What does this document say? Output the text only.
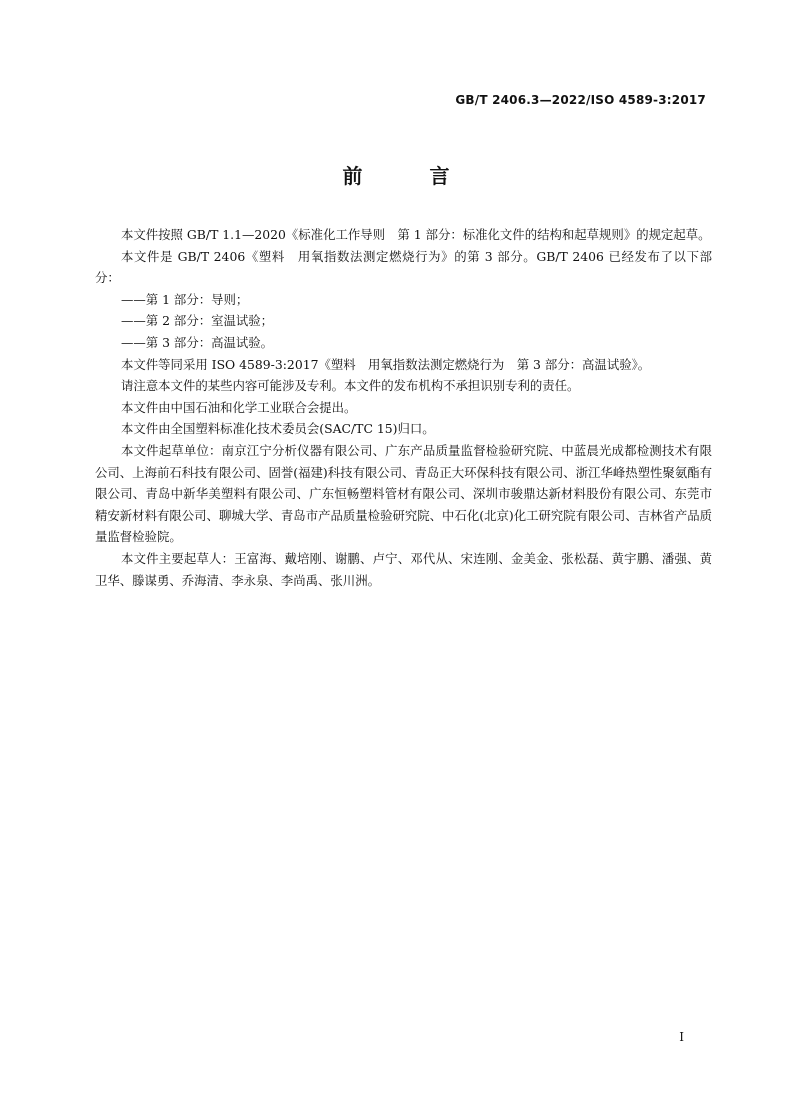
GB/T 2406.3—2022/ISO 4589-3:2017
前 言

本文件按照 GB/T 1.1—2020《标准化工作导则　第 1 部分：标准化文件的结构和起草规则》的规定起草。

本文件是 GB/T 2406《塑料　用氧指数法测定燃烧行为》的第 3 部分。GB/T 2406 已经发布了以下部分：

——第 1 部分：导则；

——第 2 部分：室温试验；

——第 3 部分：高温试验。

本文件等同采用 ISO 4589-3:2017《塑料　用氧指数法测定燃烧行为　第 3 部分：高温试验》。

请注意本文件的某些内容可能涉及专利。本文件的发布机构不承担识别专利的责任。

本文件由中国石油和化学工业联合会提出。

本文件由全国塑料标准化技术委员会(SAC/TC 15)归口。

本文件起草单位：南京江宁分析仪器有限公司、广东产品质量监督检验研究院、中蓝晨光成都检测技术有限公司、上海前石科技有限公司、固誉(福建)科技有限公司、青岛正大环保科技有限公司、浙江华峰热塑性聚氨酯有限公司、青岛中新华美塑料有限公司、广东恒畅塑料管材有限公司、深圳市骏鼎达新材料股份有限公司、东莞市精安新材料有限公司、聊城大学、青岛市产品质量检验研究院、中石化(北京)化工研究院有限公司、吉林省产品质量监督检验院。

本文件主要起草人：王富海、戴培刚、谢鹏、卢宁、邓代从、宋连刚、金美金、张松磊、黄宇鹏、潘强、黄卫华、滕谋勇、乔海清、李永泉、李尚禹、张川洲。

I
